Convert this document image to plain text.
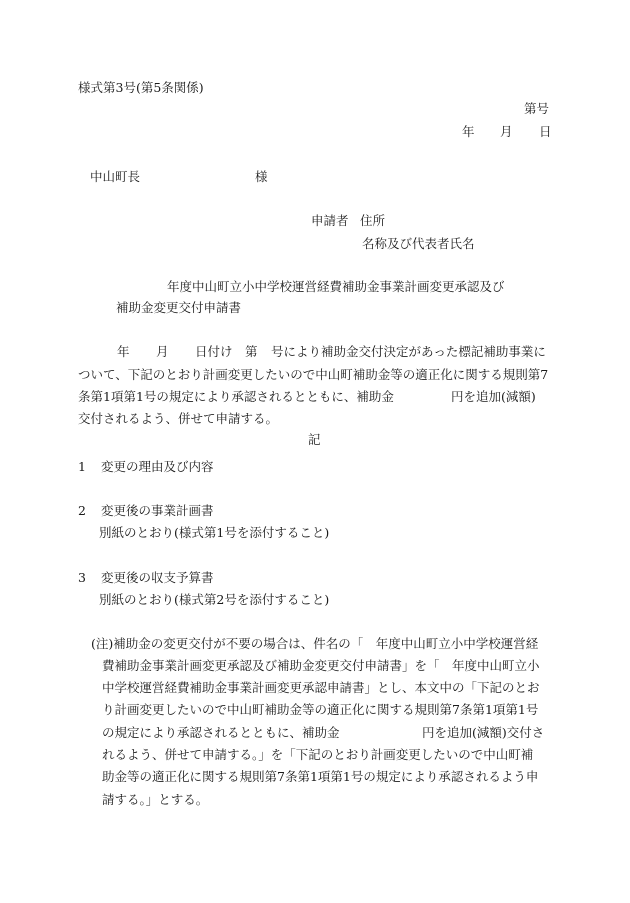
様式第3号(第5条関係)
第号
年 月 日
中山町長	様
申請者 住所
名称及び代表者氏名
年度中山町立小中学校運営経費補助金事業計画変更承認及び
補助金変更交付申請書
年 月 日付け 第 号により補助金交付決定があった標記補助事業に
ついて、下記のとおり計画変更したいので中山町補助金等の適正化に関する規則第7
条第1項第1号の規定により承認されるとともに、補助金	円を追加(減額)
交付されるよう、併せて申請する。
記
1 変更の理由及び内容
2 変更後の事業計画書
別紙のとおり(様式第1号を添付すること)
3 変更後の収支予算書
別紙のとおり(様式第2号を添付すること)
(注)補助金の変更交付が不要の場合は、件名の「　年度中山町立小中学校運営経
費補助金事業計画変更承認及び補助金変更交付申請書」を「　年度中山町立小
中学校運営経費補助金事業計画変更承認申請書」とし、本文中の「下記のとお
り計画変更したいので中山町補助金等の適正化に関する規則第7条第1項第1号
の規定により承認されるとともに、補助金	円を追加(減額)交付さ
れるよう、併せて申請する。」を「下記のとおり計画変更したいので中山町補
助金等の適正化に関する規則第7条第1項第1号の規定により承認されるよう申
請する。」とする。
